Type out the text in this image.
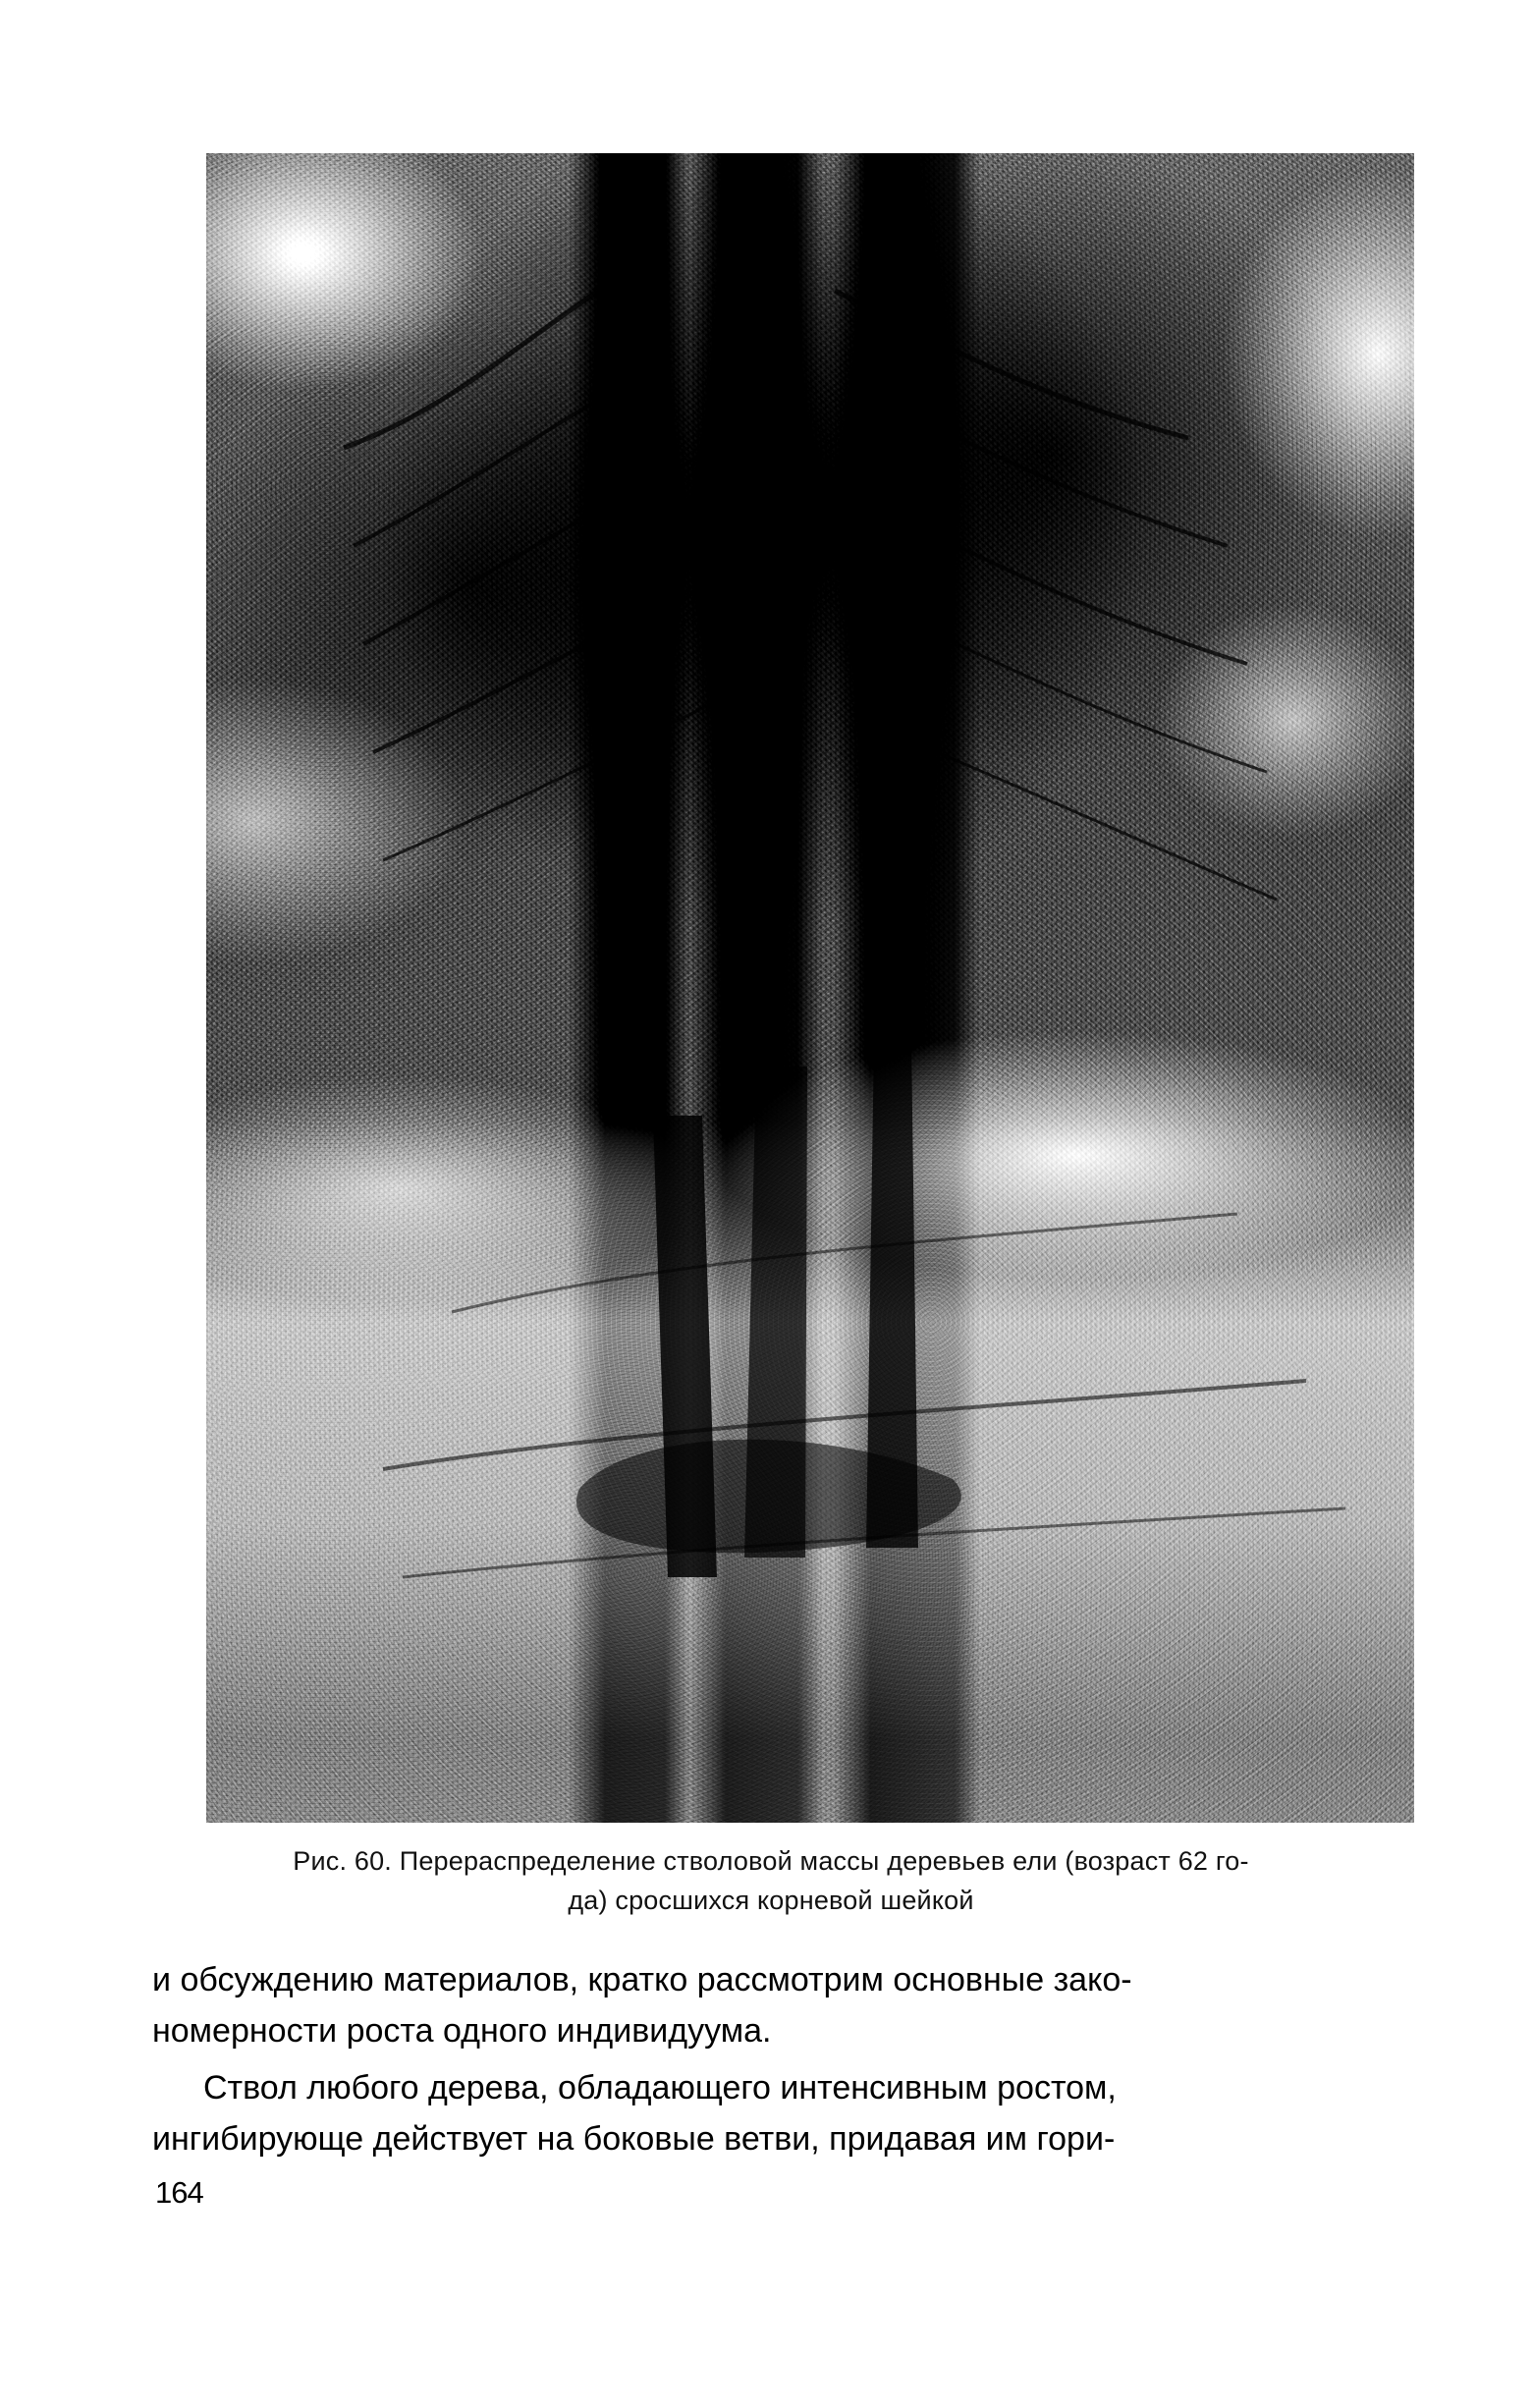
Рис. 60. Перераспределение стволовой массы деревьев ели (возраст 62 го-
да) сросшихся корневой шейкой

и обсуждению материалов, кратко рассмотрим основные зако-
номерности роста одного индивидуума.

Ствол любого дерева, обладающего интенсивным ростом,
ингибирующе действует на боковые ветви, придавая им гори-

164
